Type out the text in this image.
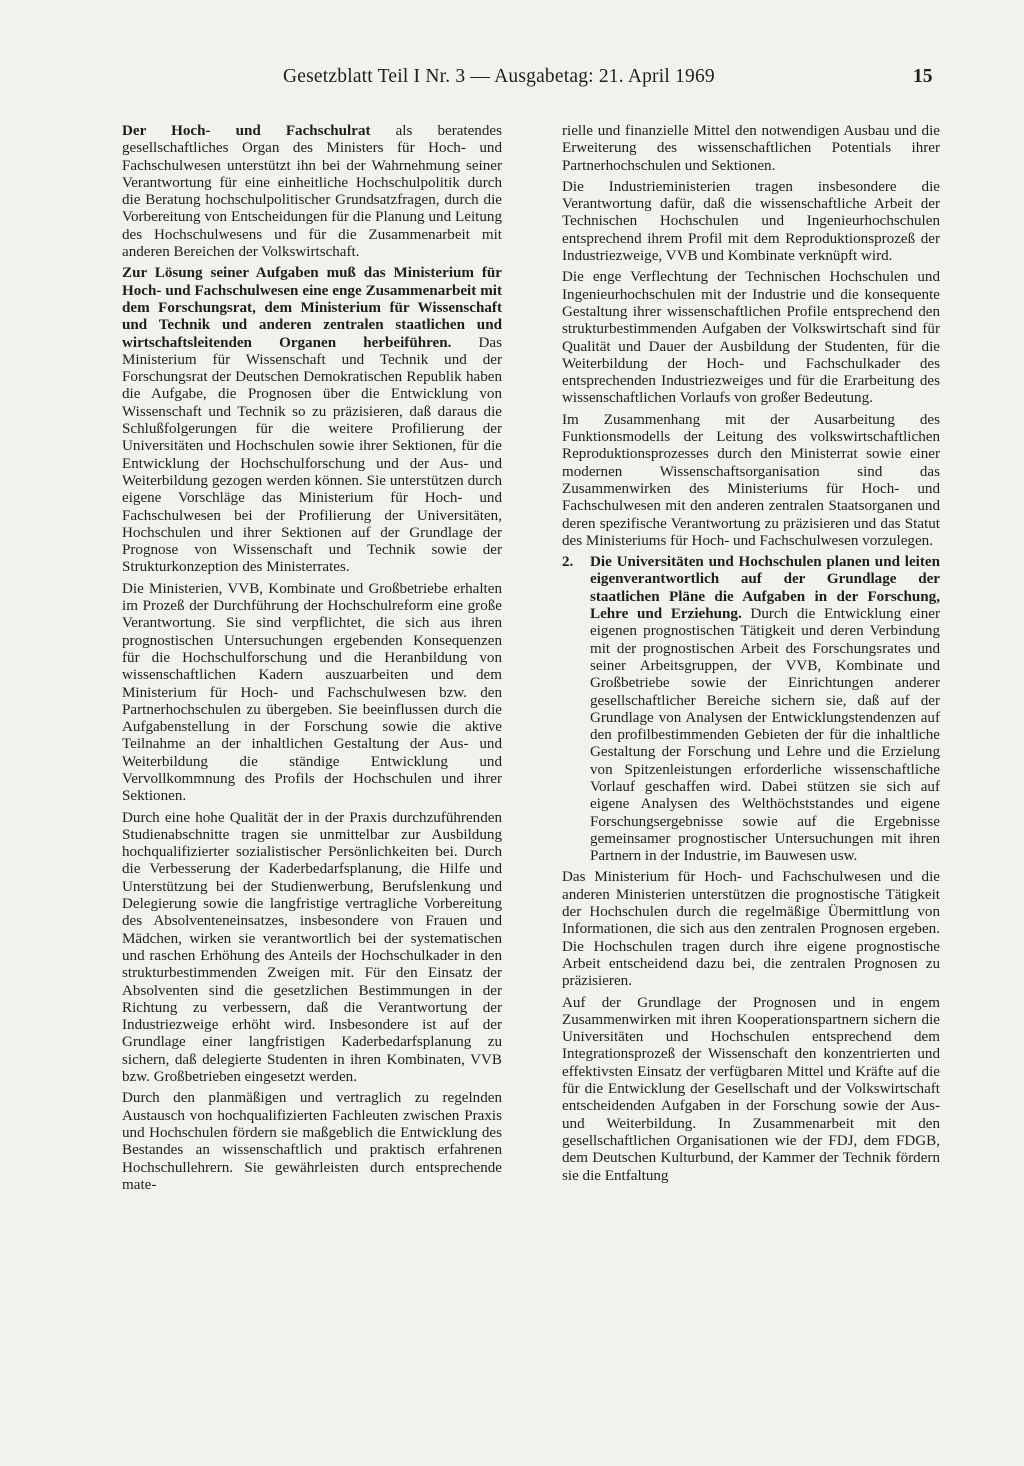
Gesetzblatt Teil I Nr. 3 — Ausgabetag: 21. April 1969	15

Der Hoch- und Fachschulrat als beratendes gesellschaftliches Organ des Ministers für Hoch- und Fachschulwesen unterstützt ihn bei der Wahrnehmung seiner Verantwortung für eine einheitliche Hochschulpolitik durch die Beratung hochschulpolitischer Grundsatzfragen, durch die Vorbereitung von Entscheidungen für die Planung und Leitung des Hochschulwesens und für die Zusammenarbeit mit anderen Bereichen der Volkswirtschaft.

Zur Lösung seiner Aufgaben muß das Ministerium für Hoch- und Fachschulwesen eine enge Zusammenarbeit mit dem Forschungsrat, dem Ministerium für Wissenschaft und Technik und anderen zentralen staatlichen und wirtschaftsleitenden Organen herbeiführen. Das Ministerium für Wissenschaft und Technik und der Forschungsrat der Deutschen Demokratischen Republik haben die Aufgabe, die Prognosen über die Entwicklung von Wissenschaft und Technik so zu präzisieren, daß daraus die Schlußfolgerungen für die weitere Profilierung der Universitäten und Hochschulen sowie ihrer Sektionen, für die Entwicklung der Hochschulforschung und der Aus- und Weiterbildung gezogen werden können. Sie unterstützen durch eigene Vorschläge das Ministerium für Hoch- und Fachschulwesen bei der Profilierung der Universitäten, Hochschulen und ihrer Sektionen auf der Grundlage der Prognose von Wissenschaft und Technik sowie der Strukturkonzeption des Ministerrates.

Die Ministerien, VVB, Kombinate und Großbetriebe erhalten im Prozeß der Durchführung der Hochschulreform eine große Verantwortung. Sie sind verpflichtet, die sich aus ihren prognostischen Untersuchungen ergebenden Konsequenzen für die Hochschulforschung und die Heranbildung von wissenschaftlichen Kadern auszuarbeiten und dem Ministerium für Hoch- und Fachschulwesen bzw. den Partnerhochschulen zu übergeben. Sie beeinflussen durch die Aufgabenstellung in der Forschung sowie die aktive Teilnahme an der inhaltlichen Gestaltung der Aus- und Weiterbildung die ständige Entwicklung und Vervollkommnung des Profils der Hochschulen und ihrer Sektionen.

Durch eine hohe Qualität der in der Praxis durchzuführenden Studienabschnitte tragen sie unmittelbar zur Ausbildung hochqualifizierter sozialistischer Persönlichkeiten bei. Durch die Verbesserung der Kaderbedarfsplanung, die Hilfe und Unterstützung bei der Studienwerbung, Berufslenkung und Delegierung sowie die langfristige vertragliche Vorbereitung des Absolventeneinsatzes, insbesondere von Frauen und Mädchen, wirken sie verantwortlich bei der systematischen und raschen Erhöhung des Anteils der Hochschulkader in den strukturbestimmenden Zweigen mit. Für den Einsatz der Absolventen sind die gesetzlichen Bestimmungen in der Richtung zu verbessern, daß die Verantwortung der Industriezweige erhöht wird. Insbesondere ist auf der Grundlage einer langfristigen Kaderbedarfsplanung zu sichern, daß delegierte Studenten in ihren Kombinaten, VVB bzw. Großbetrieben eingesetzt werden.

Durch den planmäßigen und vertraglich zu regelnden Austausch von hochqualifizierten Fachleuten zwischen Praxis und Hochschulen fördern sie maßgeblich die Entwicklung des Bestandes an wissenschaftlich und praktisch erfahrenen Hochschullehrern. Sie gewährleisten durch entsprechende mate-

rielle und finanzielle Mittel den notwendigen Ausbau und die Erweiterung des wissenschaftlichen Potentials ihrer Partnerhochschulen und Sektionen.

Die Industrieministerien tragen insbesondere die Verantwortung dafür, daß die wissenschaftliche Arbeit der Technischen Hochschulen und Ingenieurhochschulen entsprechend ihrem Profil mit dem Reproduktionsprozeß der Industriezweige, VVB und Kombinate verknüpft wird.

Die enge Verflechtung der Technischen Hochschulen und Ingenieurhochschulen mit der Industrie und die konsequente Gestaltung ihrer wissenschaftlichen Profile entsprechend den strukturbestimmenden Aufgaben der Volkswirtschaft sind für Qualität und Dauer der Ausbildung der Studenten, für die Weiterbildung der Hoch- und Fachschulkader des entsprechenden Industriezweiges und für die Erarbeitung des wissenschaftlichen Vorlaufs von großer Bedeutung.

Im Zusammenhang mit der Ausarbeitung des Funktionsmodells der Leitung des volkswirtschaftlichen Reproduktionsprozesses durch den Ministerrat sowie einer modernen Wissenschaftsorganisation sind das Zusammenwirken des Ministeriums für Hoch- und Fachschulwesen mit den anderen zentralen Staatsorganen und deren spezifische Verantwortung zu präzisieren und das Statut des Ministeriums für Hoch- und Fachschulwesen vorzulegen.

2. Die Universitäten und Hochschulen planen und leiten eigenverantwortlich auf der Grundlage der staatlichen Pläne die Aufgaben in der Forschung, Lehre und Erziehung. Durch die Entwicklung einer eigenen prognostischen Tätigkeit und deren Verbindung mit der prognostischen Arbeit des Forschungsrates und seiner Arbeitsgruppen, der VVB, Kombinate und Großbetriebe sowie der Einrichtungen anderer gesellschaftlicher Bereiche sichern sie, daß auf der Grundlage von Analysen der Entwicklungstendenzen auf den profilbestimmenden Gebieten der für die inhaltliche Gestaltung der Forschung und Lehre und die Erzielung von Spitzenleistungen erforderliche wissenschaftliche Vorlauf geschaffen wird. Dabei stützen sie sich auf eigene Analysen des Welthöchststandes und eigene Forschungsergebnisse sowie auf die Ergebnisse gemeinsamer prognostischer Untersuchungen mit ihren Partnern in der Industrie, im Bauwesen usw.

Das Ministerium für Hoch- und Fachschulwesen und die anderen Ministerien unterstützen die prognostische Tätigkeit der Hochschulen durch die regelmäßige Übermittlung von Informationen, die sich aus den zentralen Prognosen ergeben. Die Hochschulen tragen durch ihre eigene prognostische Arbeit entscheidend dazu bei, die zentralen Prognosen zu präzisieren.

Auf der Grundlage der Prognosen und in engem Zusammenwirken mit ihren Kooperationspartnern sichern die Universitäten und Hochschulen entsprechend dem Integrationsprozeß der Wissenschaft den konzentrierten und effektivsten Einsatz der verfügbaren Mittel und Kräfte auf die für die Entwicklung der Gesellschaft und der Volkswirtschaft entscheidenden Aufgaben in der Forschung sowie der Aus- und Weiterbildung. In Zusammenarbeit mit den gesellschaftlichen Organisationen wie der FDJ, dem FDGB, dem Deutschen Kulturbund, der Kammer der Technik fördern sie die Entfaltung
